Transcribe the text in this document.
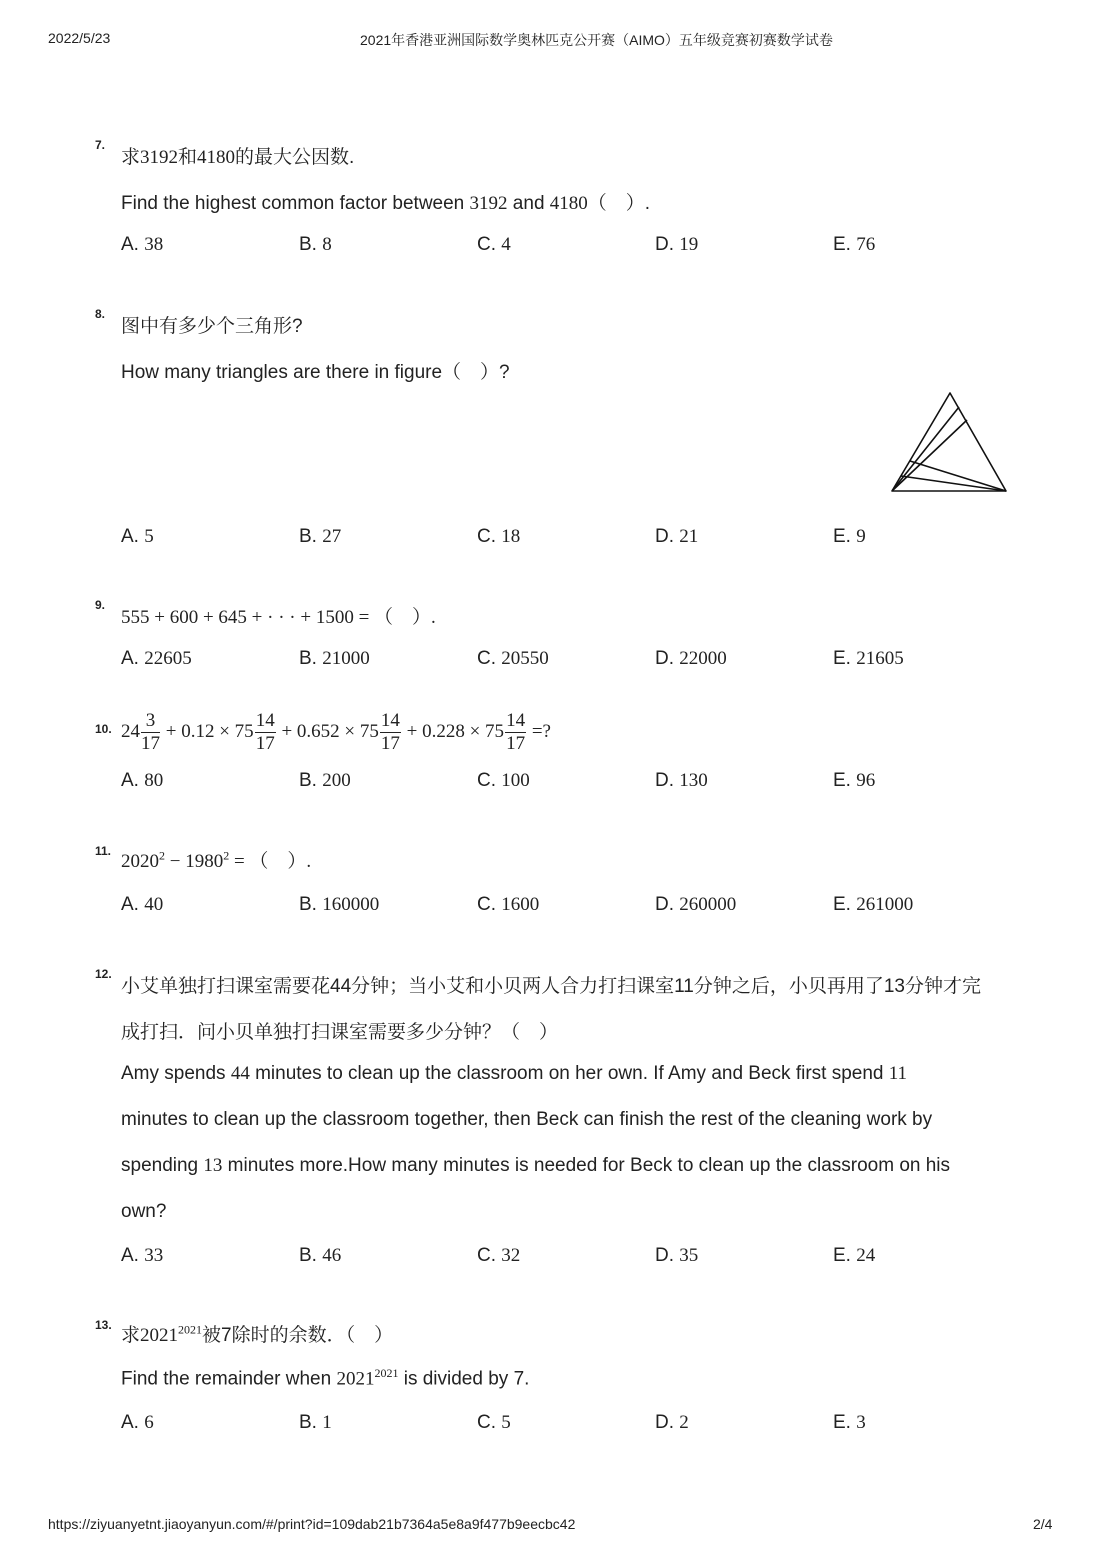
2022/5/23	2021年香港亚洲国际数学奥林匹克公开赛（AIMO）五年级竞赛初赛数学试卷
7.
求3192和4180的最大公因数.
Find the highest common factor between 3192 and 4180（　）.
A. 38	B. 8	C. 4	D. 19	E. 76
8.
图中有多少个三角形?
How many triangles are there in figure（　）?
A. 5	B. 27	C. 18	D. 21	E. 9
9.
555 + 600 + 645 + · · · + 1500 = （　）.
A. 22605	B. 21000	C. 20550	D. 22000	E. 21605
10. $24 \frac{3}{17} + 0.12 \times 75 \frac{14}{17} + 0.652 \times 75 \frac{14}{17} + 0.228 \times 75 \frac{14}{17}$ =?
A. 80	B. 200	C. 100	D. 130	E. 96
11. $2020^2 - 1980^2$ = （　）.
A. 40	B. 160000	C. 1600	D. 260000	E. 261000
12.
小艾单独打扫课室需要花44分钟；当小艾和小贝两人合力打扫课室11分钟之后，小贝再用了13分钟才完
成打扫．问小贝单独打扫课室需要多少分钟？（　）
Amy spends 44 minutes to clean up the classroom on her own. If Amy and Beck first spend 11
minutes to clean up the classroom together, then Beck can finish the rest of the cleaning work by
spending 13 minutes more.How many minutes is needed for Beck to clean up the classroom on his
own?
A. 33	B. 46	C. 32	D. 35	E. 24
13. 求$2021^{2021}$被7除时的余数．（　）
Find the remainder when $2021^{2021}$ is divided by 7.
A. 6	B. 1	C. 5	D. 2	E. 3
https://ziyuanyetnt.jiaoyanyun.com/#/print?id=109dab21b7364a5e8a9f477b9eecbc42	2/4
